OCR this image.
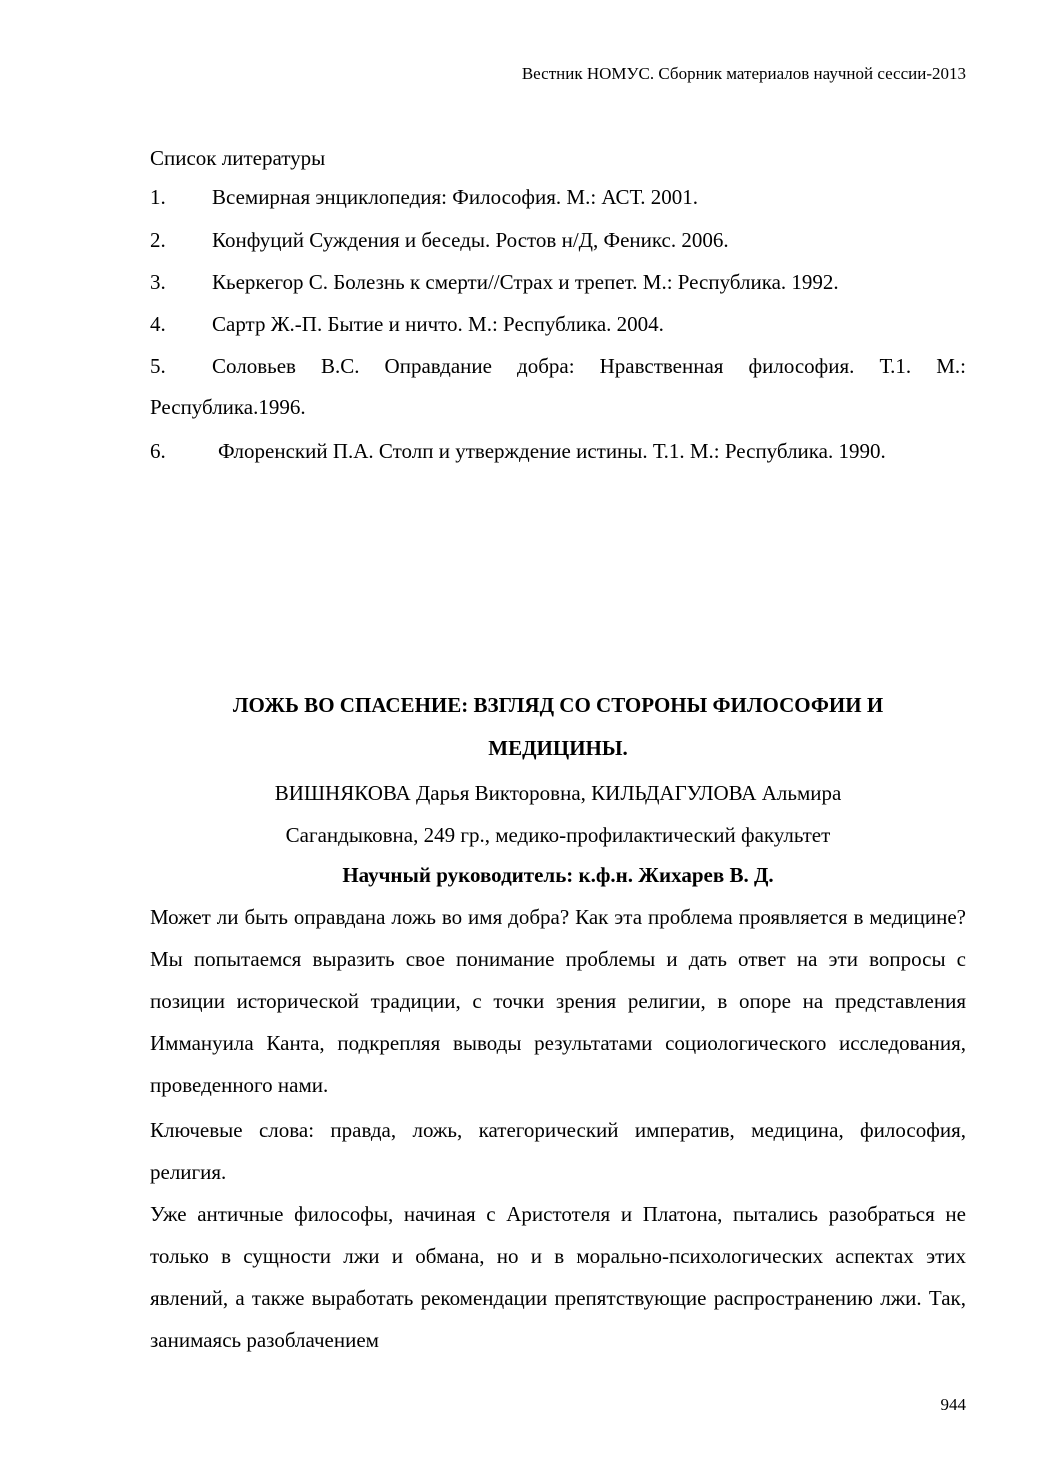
Вестник НОМУС. Сборник материалов научной сессии-2013
Список литературы
1. Всемирная энциклопедия: Философия. М.: АСТ. 2001.
2. Конфуций Суждения и беседы. Ростов н/Д, Феникс. 2006.
3. Кьеркегор С. Болезнь к смерти//Страх и трепет. М.: Республика. 1992.
4. Сартр Ж.-П. Бытие и ничто. М.: Республика. 2004.
5. Соловьев В.С. Оправдание добра: Нравственная философия. Т.1. М.: Республика.1996.
6. Флоренский П.А. Столп и утверждение истины. Т.1. М.: Республика. 1990.
ЛОЖЬ ВО СПАСЕНИЕ: ВЗГЛЯД СО СТОРОНЫ ФИЛОСОФИИ И
МЕДИЦИНЫ.
ВИШНЯКОВА Дарья Викторовна, КИЛЬДАГУЛОВА Альмира
Сагандыковна, 249 гр., медико-профилактический факультет
Научный руководитель: к.ф.н. Жихарев В. Д.
Может ли быть оправдана ложь во имя добра? Как эта проблема проявляется в медицине? Мы попытаемся выразить свое понимание проблемы и дать ответ на эти вопросы с позиции исторической традиции, с точки зрения религии, в опоре на представления Иммануила Канта, подкрепляя выводы результатами социологического исследования, проведенного нами.
Ключевые слова: правда, ложь, категорический императив, медицина, философия, религия.
Уже античные философы, начиная с Аристотеля и Платона, пытались разобраться не только в сущности лжи и обмана, но и в морально-психологических аспектах этих явлений, а также выработать рекомендации препятствующие распространению лжи. Так, занимаясь разоблачением
944
